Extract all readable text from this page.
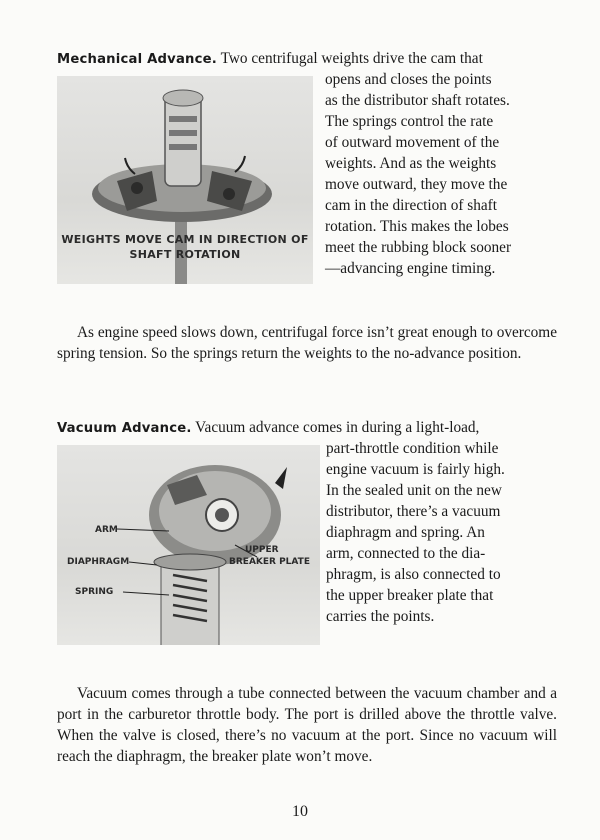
Mechanical Advance. Two centrifugal weights drive the cam that

WEIGHTS MOVE CAM IN DIRECTION OF
SHAFT ROTATION
opens and closes the points
as the distributor shaft rotates.
The springs control the rate
of outward movement of the
weights. And as the weights
move outward, they move the
cam in the direction of shaft
rotation. This makes the lobes
meet the rubbing block sooner
—advancing engine timing.

As engine speed slows down, centrifugal force isn’t great enough to overcome spring tension. So the springs return the weights to the no-advance position.

Vacuum Advance. Vacuum advance comes in during a light-load,

ARM
DIAPHRAGM
SPRING
UPPER
BREAKER PLATE
part-throttle condition while
engine vacuum is fairly high.
In the sealed unit on the new
distributor, there’s a vacuum
diaphragm and spring. An
arm, connected to the dia-
phragm, is also connected to
the upper breaker plate that
carries the points.

Vacuum comes through a tube connected between the vacuum chamber and a port in the carburetor throttle body. The port is drilled above the throttle valve. When the valve is closed, there’s no vacuum at the port. Since no vacuum will reach the diaphragm, the breaker plate won’t move.

10
